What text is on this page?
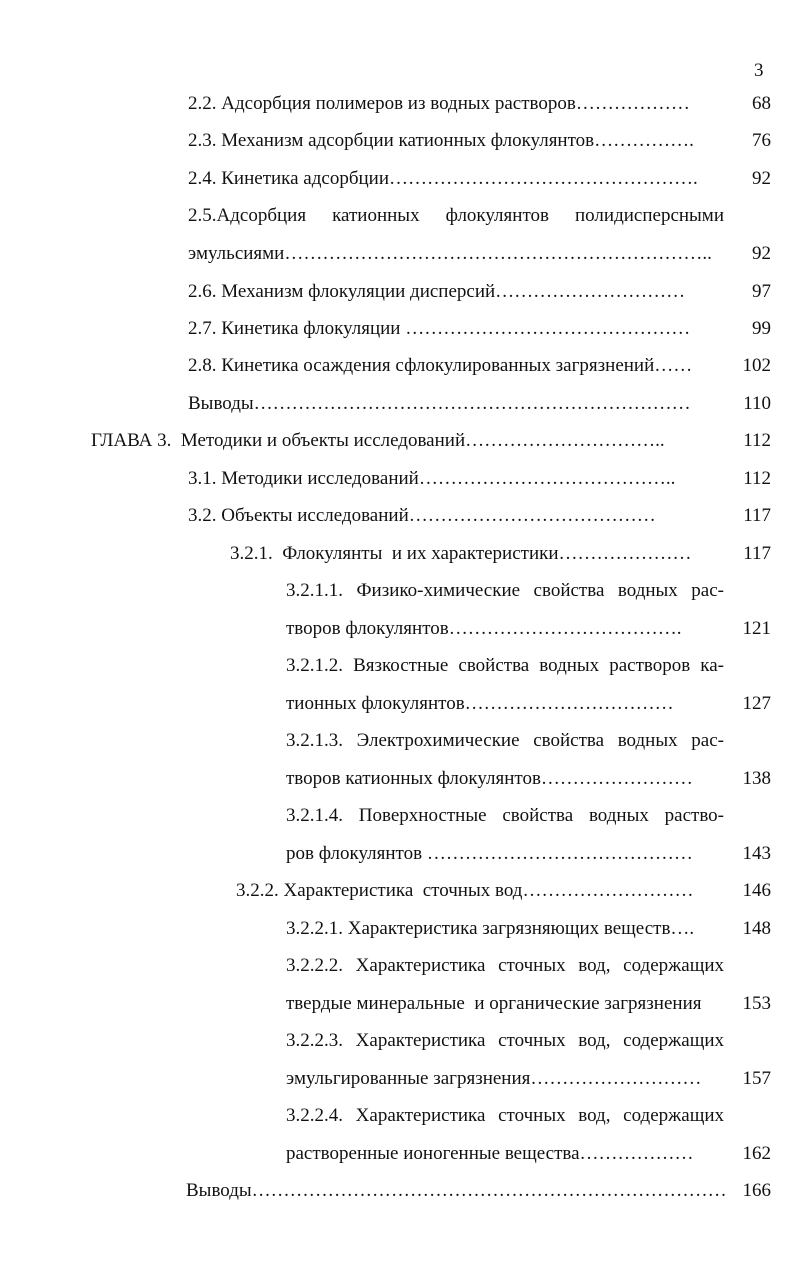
3
2.2. Адсорбция полимеров из водных растворов………………	68
2.3. Механизм адсорбции катионных флокулянтов…………….	76
2.4. Кинетика адсорбции………………………………………….	92
2.5.Адсорбция катионных флокулянтов полидисперсными
эмульсиями………………………………………………………….. 92
2.6. Механизм флокуляции дисперсий…………………………	97
2.7. Кинетика флокуляции ………………………………………	99
2.8. Кинетика осаждения сфлокулированных загрязнений……	102
Выводы……………………………………………………………	110
ГЛАВА 3.  Методики и объекты исследований…………………………..	112
3.1. Методики исследований…………………………………..	112
3.2. Объекты исследований…………………………………	117
3.2.1.  Флокулянты  и их характеристики…………………	117
3.2.1.1. Физико-химические свойства водных рас-
творов флокулянтов……………………………….	121
3.2.1.2. Вязкостные свойства водных растворов ка-
тионных флокулянтов……………………………	127
3.2.1.3. Электрохимические свойства водных рас-
творов катионных флокулянтов……………………	138
3.2.1.4. Поверхностные свойства водных раство-
ров флокулянтов ……………………………………	143
3.2.2. Характеристика  сточных вод………………………	146
3.2.2.1. Характеристика загрязняющих веществ….	148
3.2.2.2. Характеристика сточных вод, содержащих
твердые минеральные  и органические загрязнения 153
3.2.2.3. Характеристика сточных вод, содержащих
эмульгированные загрязнения……………………… 157
3.2.2.4. Характеристика сточных вод, содержащих
растворенные ионогенные вещества………………	162
Выводы………………………………………………………………… 166
